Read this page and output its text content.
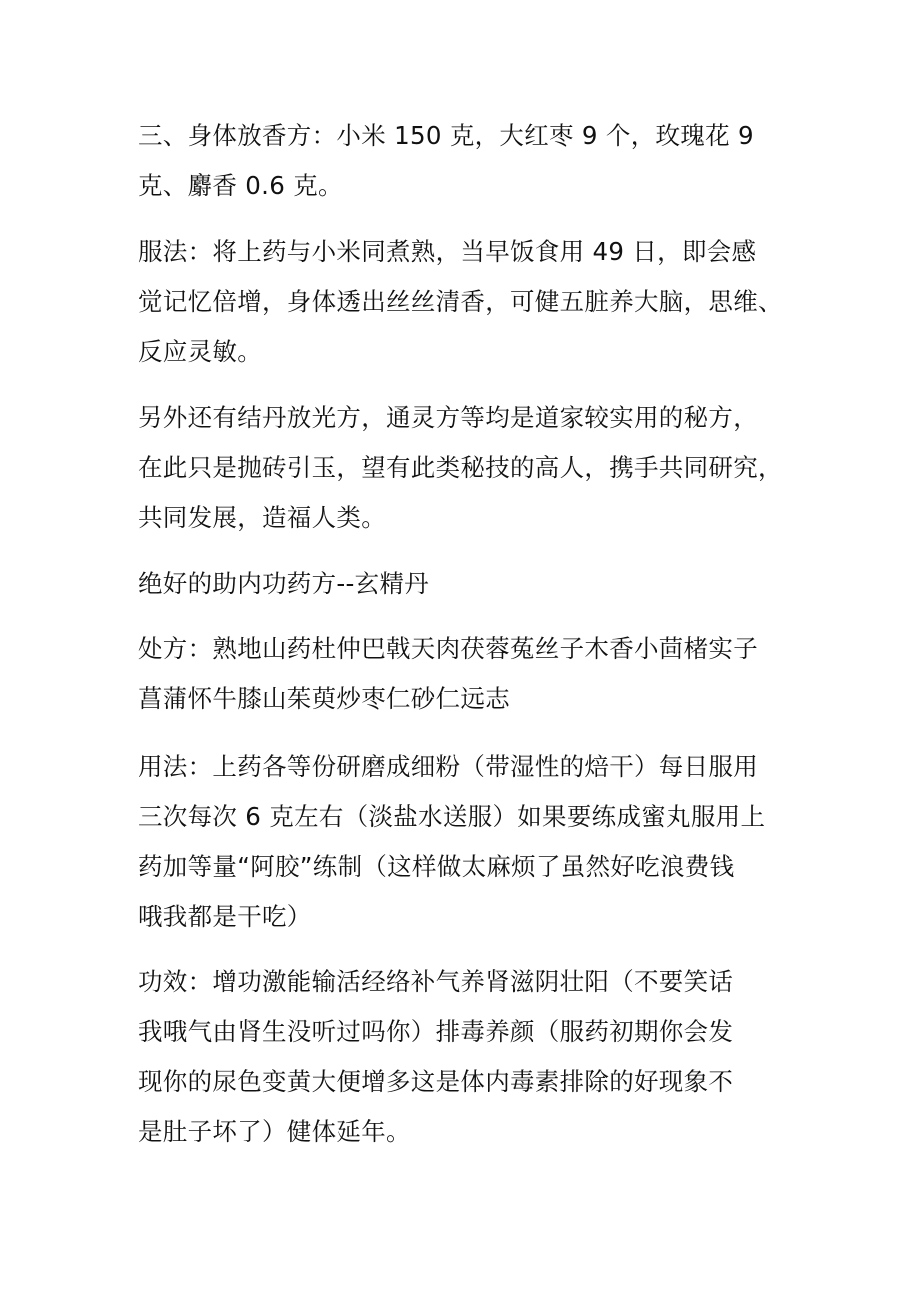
三、身体放香方：小米 150 克，大红枣 9 个，玫瑰花 9
克、麝香 0.6 克。
服法：将上药与小米同煮熟，当早饭食用 49 日，即会感
觉记忆倍增，身体透出丝丝清香，可健五脏养大脑，思维、
反应灵敏。
另外还有结丹放光方，通灵方等均是道家较实用的秘方，
在此只是抛砖引玉，望有此类秘技的高人，携手共同研究，
共同发展，造福人类。
绝好的助内功药方--玄精丹
处方：熟地山药杜仲巴戟天肉茯蓉菟丝子木香小茴楮实子
菖蒲怀牛膝山茱萸炒枣仁砂仁远志
用法：上药各等份研磨成细粉（带湿性的焙干）每日服用
三次每次 6 克左右（淡盐水送服）如果要练成蜜丸服用上
药加等量“阿胶”练制（这样做太麻烦了虽然好吃浪费钱
哦我都是干吃）
功效：增功激能输活经络补气养肾滋阴壮阳（不要笑话
我哦气由肾生没听过吗你）排毒养颜（服药初期你会发
现你的尿色变黄大便增多这是体内毒素排除的好现象不
是肚子坏了）健体延年。
